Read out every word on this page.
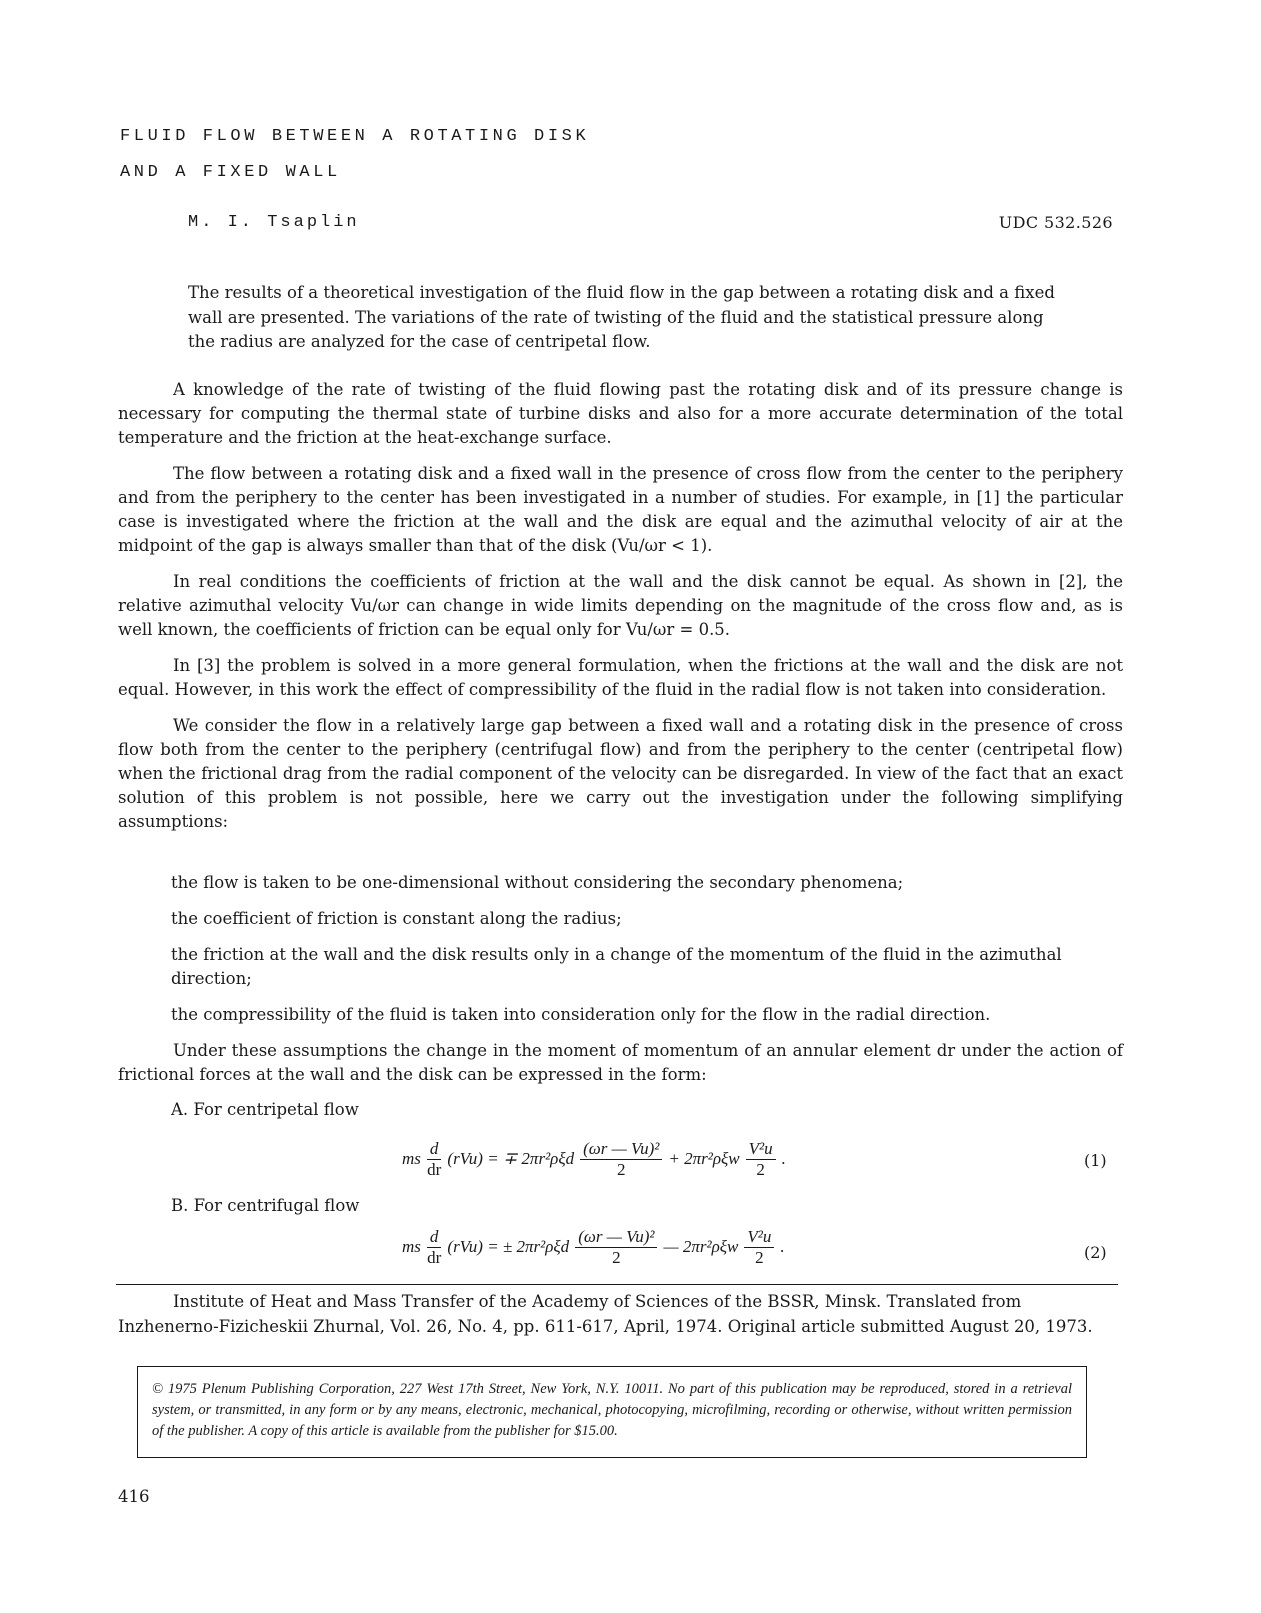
FLUID FLOW BETWEEN A ROTATING DISK
AND A FIXED WALL
M. I. Tsaplin	UDC 532.526
The results of a theoretical investigation of the fluid flow in the gap between a rotating disk and a fixed wall are presented. The variations of the rate of twisting of the fluid and the statistical pressure along the radius are analyzed for the case of centripetal flow.

A knowledge of the rate of twisting of the fluid flowing past the rotating disk and of its pressure change is necessary for computing the thermal state of turbine disks and also for a more accurate determination of the total temperature and the friction at the heat-exchange surface.

The flow between a rotating disk and a fixed wall in the presence of cross flow from the center to the periphery and from the periphery to the center has been investigated in a number of studies. For example, in [1] the particular case is investigated where the friction at the wall and the disk are equal and the azimuthal velocity of air at the midpoint of the gap is always smaller than that of the disk (Vu/ωr < 1).

In real conditions the coefficients of friction at the wall and the disk cannot be equal. As shown in [2], the relative azimuthal velocity Vu/ωr can change in wide limits depending on the magnitude of the cross flow and, as is well known, the coefficients of friction can be equal only for Vu/ωr = 0.5.

In [3] the problem is solved in a more general formulation, when the frictions at the wall and the disk are not equal. However, in this work the effect of compressibility of the fluid in the radial flow is not taken into consideration.

We consider the flow in a relatively large gap between a fixed wall and a rotating disk in the presence of cross flow both from the center to the periphery (centrifugal flow) and from the periphery to the center (centripetal flow) when the frictional drag from the radial component of the velocity can be disregarded. In view of the fact that an exact solution of this problem is not possible, here we carry out the investigation under the following simplifying assumptions:

the flow is taken to be one-dimensional without considering the secondary phenomena;

the coefficient of friction is constant along the radius;

the friction at the wall and the disk results only in a change of the momentum of the fluid in the azimuthal direction;

the compressibility of the fluid is taken into consideration only for the flow in the radial direction.

Under these assumptions the change in the moment of momentum of an annular element dr under the action of frictional forces at the wall and the disk can be expressed in the form:

A. For centripetal flow
ms $\frac{d}{dr} (rVu)$ = ∓ $2\pi r^2\rho\xi d \frac{\text{(ωr — Vu)²}}{2} + 2\pi r^2\rho\xi w \frac{\text{V²u}}{2}$ .	(1)
B. For centrifugal flow
ms $\frac{d}{dr} (rVu)$ = ± $2\pi r^2\rho\xi d \frac{\text{(ωr — Vu)²}}{2}$ — $2\pi r^2\rho\xi w \frac{\text{V²u}}{2}$ .	(2)
Institute of Heat and Mass Transfer of the Academy of Sciences of the BSSR, Minsk. Translated from Inzhenerno-Fizicheskii Zhurnal, Vol. 26, No. 4, pp. 611-617, April, 1974. Original article submitted August 20, 1973.
© 1975 Plenum Publishing Corporation, 227 West 17th Street, New York, N.Y. 10011. No part of this publication may be reproduced, stored in a retrieval system, or transmitted, in any form or by any means, electronic, mechanical, photocopying, microfilming, recording or otherwise, without written permission of the publisher. A copy of this article is available from the publisher for $15.00.
416
